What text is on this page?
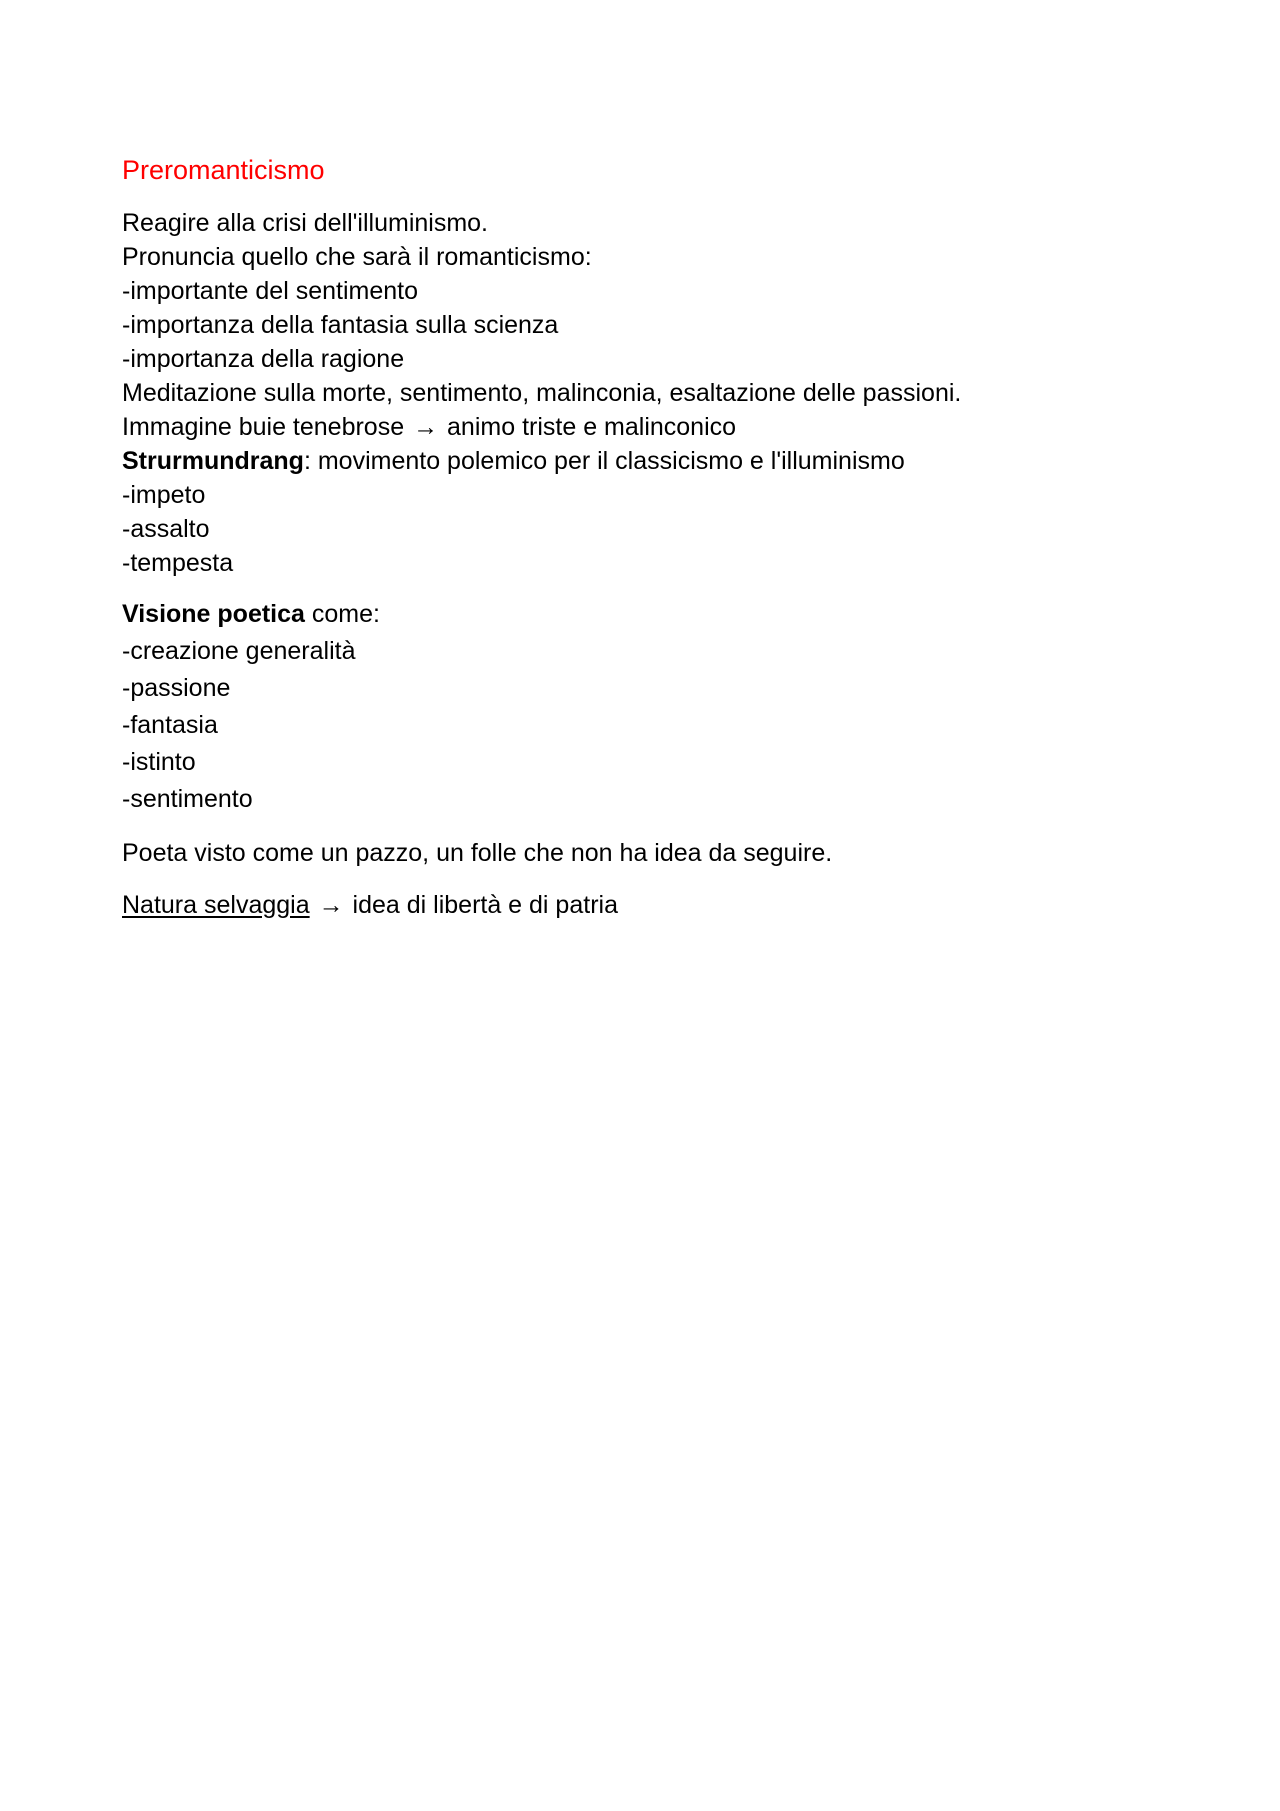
Preromanticismo
Reagire alla crisi dell'illuminismo.
Pronuncia quello che sarà il romanticismo:
-importante del sentimento
-importanza della fantasia sulla scienza
-importanza della ragione
Meditazione sulla morte, sentimento, malinconia, esaltazione delle passioni.
Immagine buie tenebrose → animo triste e malinconico
Strurmundrang: movimento polemico per il classicismo e l'illuminismo
-impeto
-assalto
-tempesta
Visione poetica come:
-creazione generalità
-passione
-fantasia
-istinto
-sentimento
Poeta visto come un pazzo, un folle che non ha idea da seguire.
Natura selvaggia → idea di libertà e di patria
